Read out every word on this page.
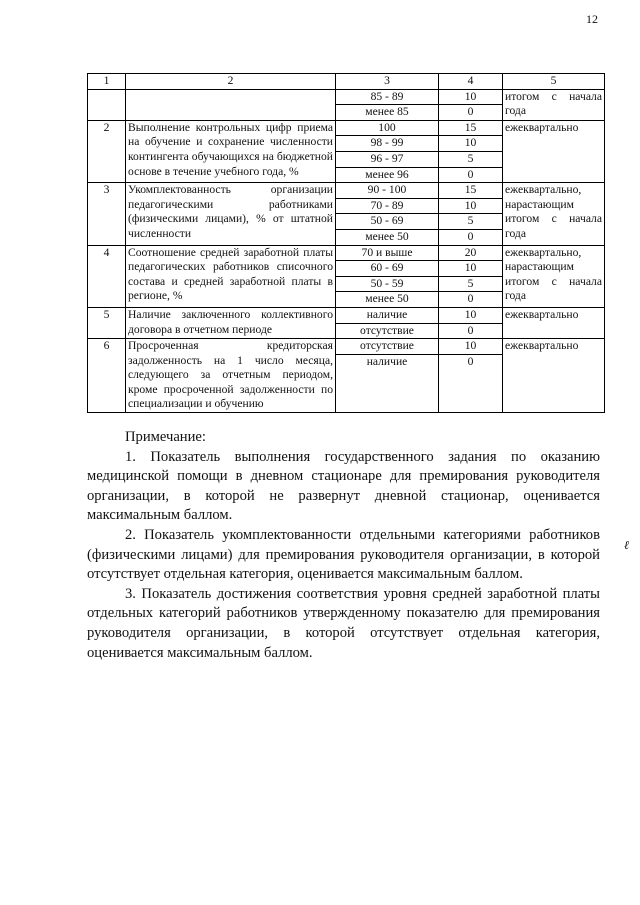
12
ℓ
1	2	3	4	5
		85 - 89	10	итогом с начала года
		менее 85	0	
2	Выполнение контрольных цифр приема на обучение и сохранение численности контингента обучающихся на бюджетной основе в течение учебного года, %	100	15	ежеквартально
		98 - 99	10	
		96 - 97	5	
		менее 96	0	
3	Укомплектованность организации педагогическими работниками (физическими лицами), % от штатной численности	90 - 100	15	ежеквартально, нарастающим итогом с начала года
		70 - 89	10	
		50 - 69	5	
		менее 50	0	
4	Соотношение средней заработной платы педагогических работников списочного состава и средней заработной платы в регионе, %	70 и выше	20	ежеквартально, нарастающим итогом с начала года
		60 - 69	10	
		50 - 59	5	
		менее 50	0	
5	Наличие заключенного коллективного договора в отчетном периоде	наличие	10	ежеквартально
		отсутствие	0	
6	Просроченная кредиторская задолженность на 1 число месяца, следующего за отчетным периодом, кроме просроченной задолженности по специализации и обучению	отсутствие	10	ежеквартально
		наличие	0	
Примечание:

1. Показатель выполнения государственного задания по оказанию медицинской помощи в дневном стационаре для премирования руководителя организации, в которой не развернут дневной стационар, оценивается максимальным баллом.

2. Показатель укомплектованности отдельными категориями работников (физическими лицами) для премирования руководителя организации, в которой отсутствует отдельная категория, оценивается максимальным баллом.

3. Показатель достижения соответствия уровня средней заработной платы отдельных категорий работников утвержденному показателю для премирования руководителя организации, в которой отсутствует отдельная категория, оценивается максимальным баллом.
